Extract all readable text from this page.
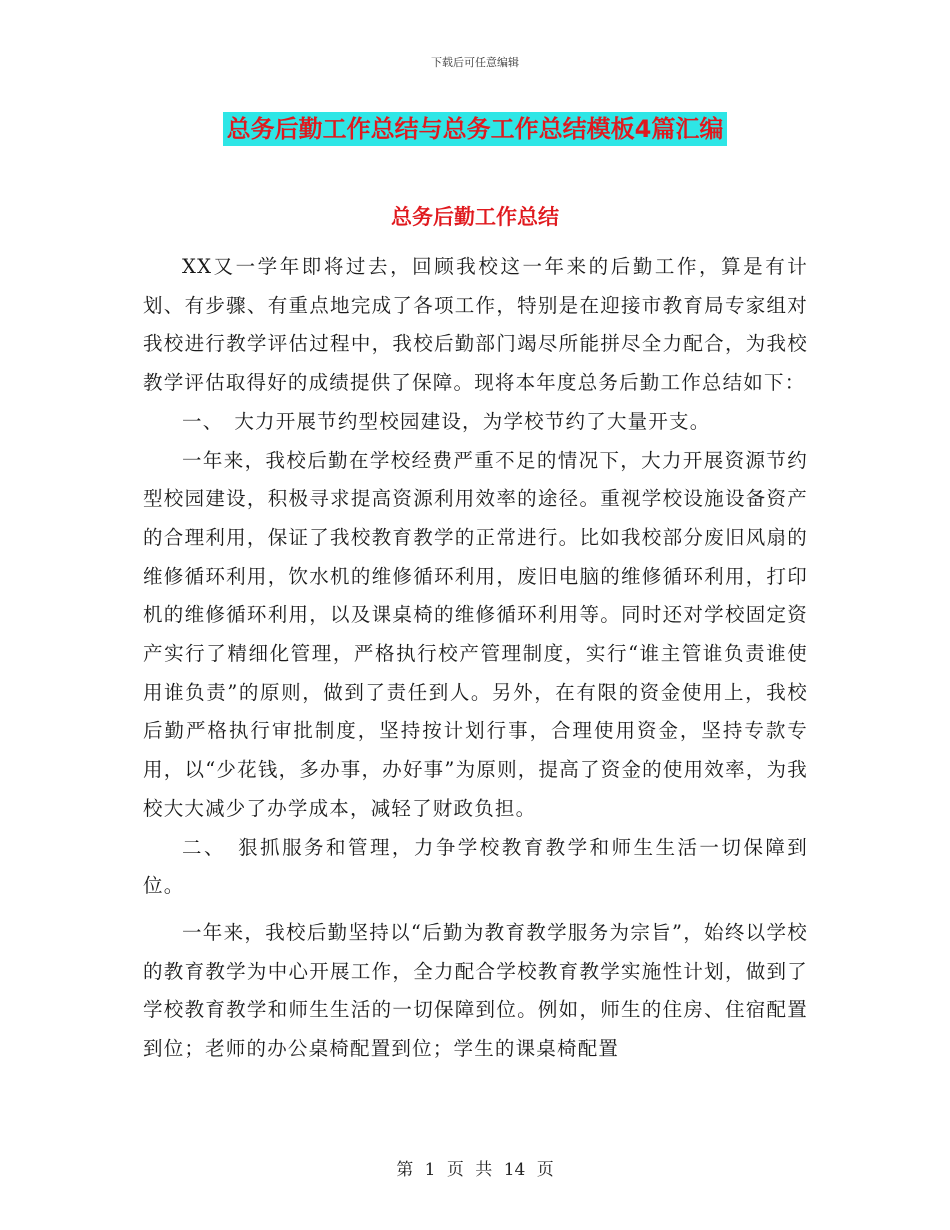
下载后可任意编辑
总务后勤工作总结与总务工作总结模板4篇汇编
总务后勤工作总结

XX又一学年即将过去，回顾我校这一年来的后勤工作，算是有计划、有步骤、有重点地完成了各项工作，特别是在迎接市教育局专家组对我校进行教学评估过程中，我校后勤部门竭尽所能拼尽全力配合，为我校教学评估取得好的成绩提供了保障。现将本年度总务后勤工作总结如下：

一、　大力开展节约型校园建设，为学校节约了大量开支。

一年来，我校后勤在学校经费严重不足的情况下，大力开展资源节约型校园建设，积极寻求提高资源利用效率的途径。重视学校设施设备资产的合理利用，保证了我校教育教学的正常进行。比如我校部分废旧风扇的维修循环利用，饮水机的维修循环利用，废旧电脑的维修循环利用，打印机的维修循环利用，以及课桌椅的维修循环利用等。同时还对学校固定资产实行了精细化管理，严格执行校产管理制度，实行“谁主管谁负责谁使用谁负责”的原则，做到了责任到人。另外，在有限的资金使用上，我校后勤严格执行审批制度，坚持按计划行事，合理使用资金，坚持专款专用，以“少花钱，多办事，办好事”为原则，提高了资金的使用效率，为我校大大减少了办学成本，减轻了财政负担。

二、　狠抓服务和管理，力争学校教育教学和师生生活一切保障到位。

一年来，我校后勤坚持以“后勤为教育教学服务为宗旨”，始终以学校的教育教学为中心开展工作，全力配合学校教育教学实施性计划，做到了学校教育教学和师生生活的一切保障到位。例如，师生的住房、住宿配置到位；老师的办公桌椅配置到位；学生的课桌椅配置

第 1 页 共 14 页
